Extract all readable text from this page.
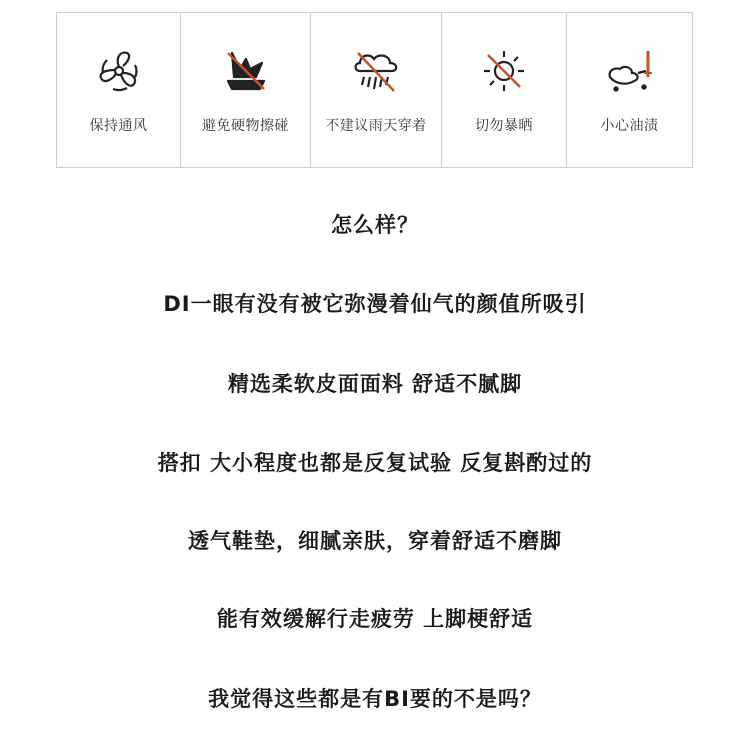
保持通风	避免硬物擦碰	不建议雨天穿着	切勿暴晒	小心油渍
怎么样？
DI一眼有没有被它弥漫着仙气的颜值所吸引
精选柔软皮面面料 舒适不腻脚
搭扣 大小程度也都是反复试验 反复斟酌过的
透气鞋垫，细腻亲肤，穿着舒适不磨脚
能有效缓解行走疲劳 上脚梗舒适
我觉得这些都是有BI要的不是吗？
